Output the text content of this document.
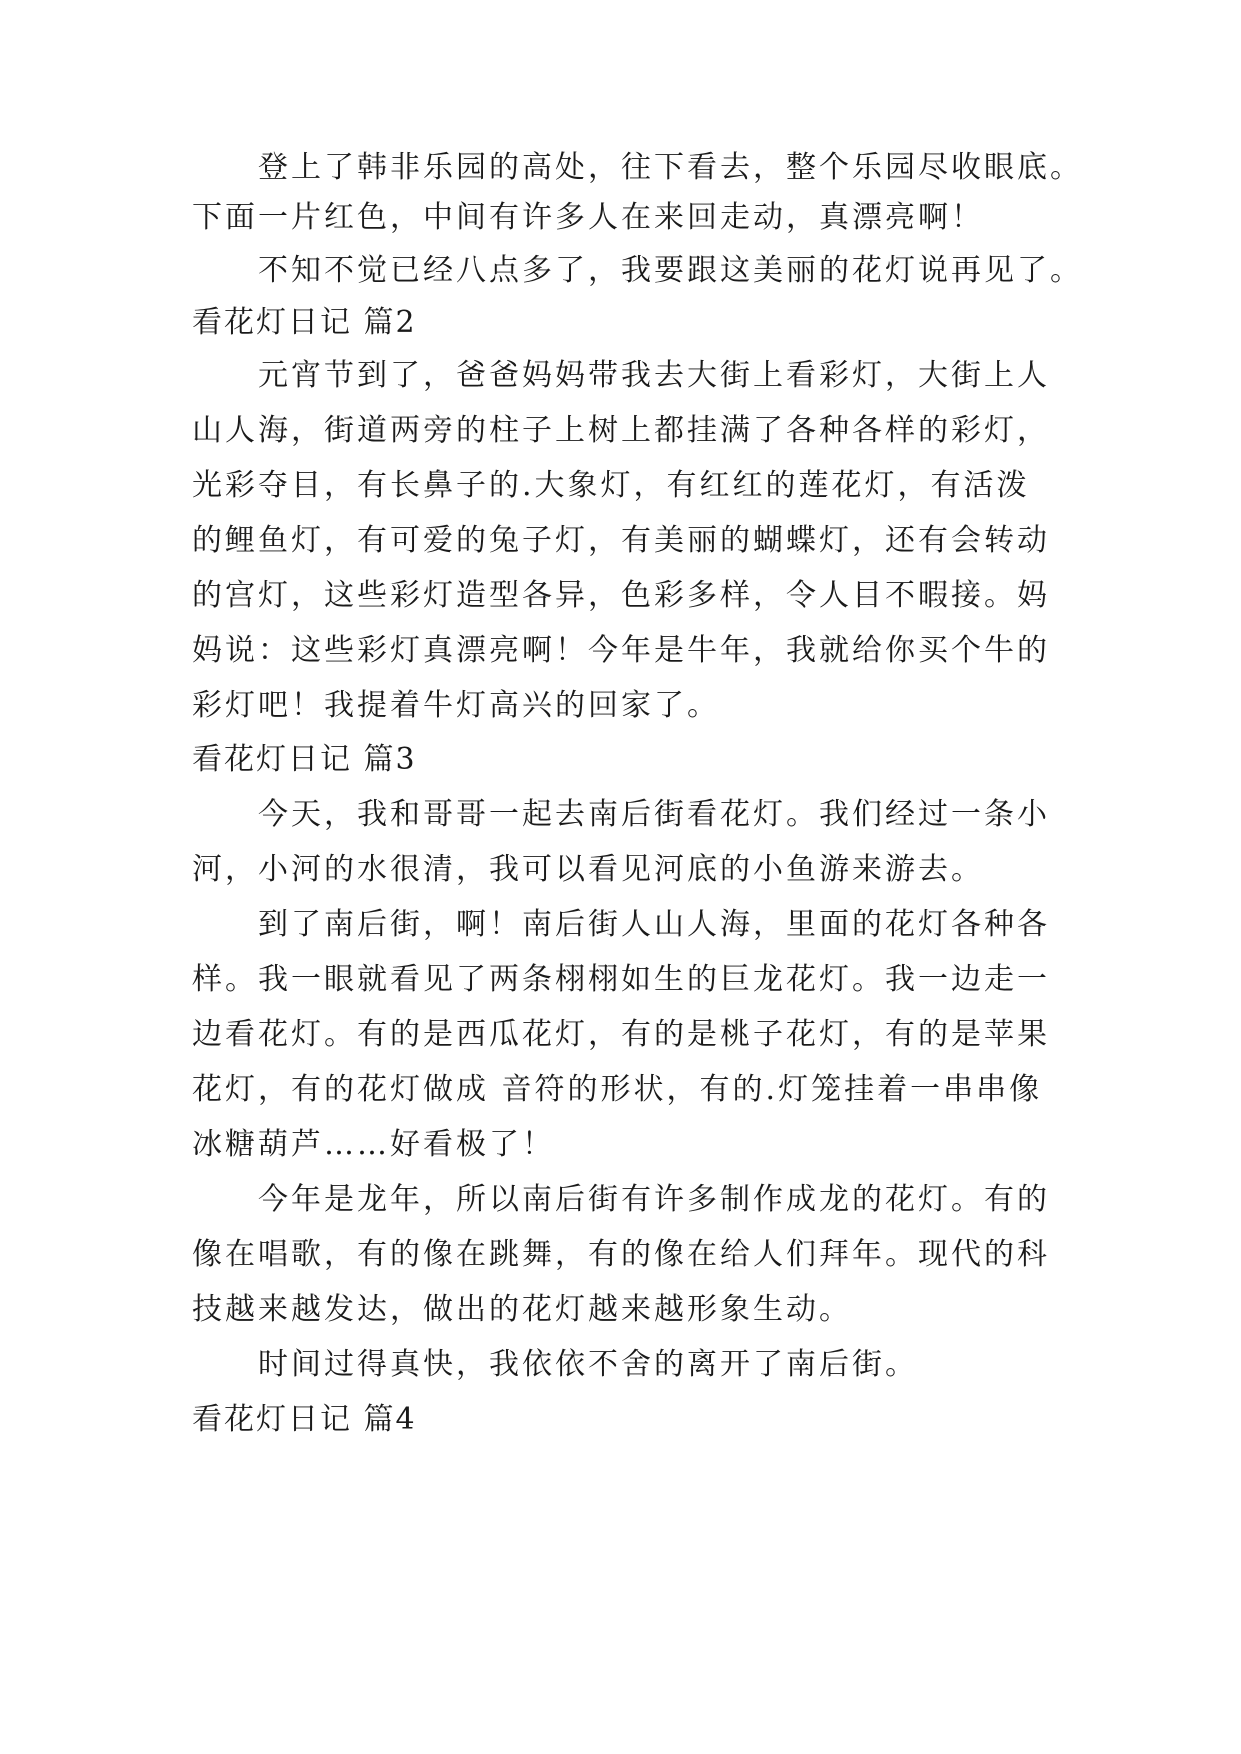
登上了韩非乐园的高处，往下看去，整个乐园尽收眼底。
下面一片红色，中间有许多人在来回走动，真漂亮啊！
不知不觉已经八点多了，我要跟这美丽的花灯说再见了。
看花灯日记 篇2
元宵节到了，爸爸妈妈带我去大街上看彩灯，大街上人
山人海，街道两旁的柱子上树上都挂满了各种各样的彩灯，
光彩夺目，有长鼻子的.大象灯，有红红的莲花灯，有活泼
的鲤鱼灯，有可爱的兔子灯，有美丽的蝴蝶灯，还有会转动
的宫灯，这些彩灯造型各异，色彩多样，令人目不暇接。妈
妈说：这些彩灯真漂亮啊！今年是牛年，我就给你买个牛的
彩灯吧！我提着牛灯高兴的回家了。
看花灯日记 篇3
今天，我和哥哥一起去南后街看花灯。我们经过一条小
河，小河的水很清，我可以看见河底的小鱼游来游去。
到了南后街，啊！南后街人山人海，里面的花灯各种各
样。我一眼就看见了两条栩栩如生的巨龙花灯。我一边走一
边看花灯。有的是西瓜花灯，有的是桃子花灯，有的是苹果
花灯，有的花灯做成 音符的形状，有的.灯笼挂着一串串像
冰糖葫芦……好看极了！
今年是龙年，所以南后街有许多制作成龙的花灯。有的
像在唱歌，有的像在跳舞，有的像在给人们拜年。现代的科
技越来越发达，做出的花灯越来越形象生动。
时间过得真快，我依依不舍的离开了南后街。
看花灯日记 篇4
